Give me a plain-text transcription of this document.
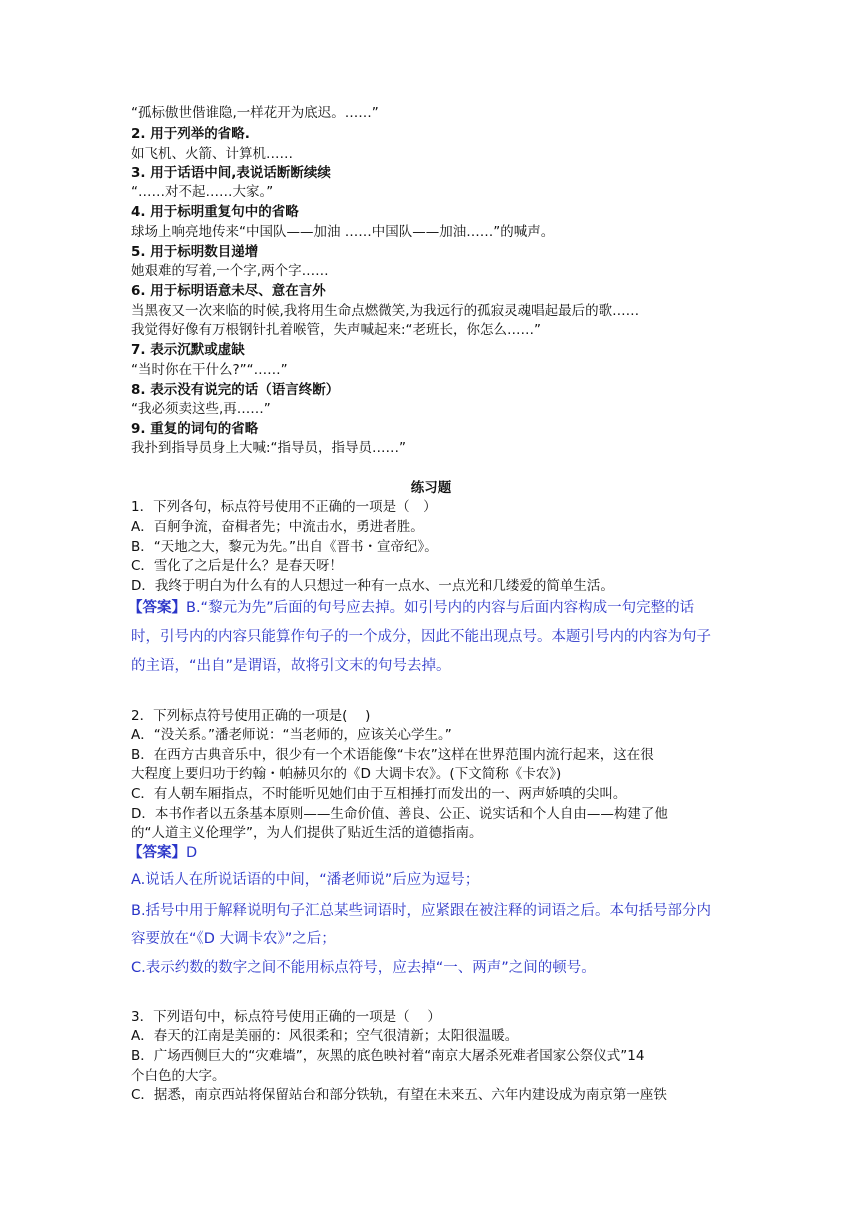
“孤标傲世偕谁隐,一样花开为底迟。……”
2. 用于列举的省略.
如飞机、火箭、计算机……
3. 用于话语中间,表说话断断续续
“……对不起……大家。”
4. 用于标明重复句中的省略
球场上响亮地传来“中国队——加油 ……中国队——加油……”的喊声。
5. 用于标明数目递增
她艰难的写着,一个字,两个字……
6. 用于标明语意未尽、意在言外
当黑夜又一次来临的时候,我将用生命点燃微笑,为我远行的孤寂灵魂唱起最后的歌……
我觉得好像有万根钢针扎着喉管，失声喊起来:“老班长，你怎么……”
7. 表示沉默或虚缺
“当时你在干什么?”“……”
8. 表示没有说完的话（语言终断）
“我必须卖这些,再……”
9. 重复的词句的省略
我扑到指导员身上大喊:“指导员，指导员……”
练习题
1．下列各句，标点符号使用不正确的一项是（　）
A．百舸争流，奋楫者先；中流击水，勇进者胜。
B．“天地之大，黎元为先。”出自《晋书・宣帝纪》。
C．雪化了之后是什么？是春天呀！
D．我终于明白为什么有的人只想过一种有一点水、一点光和几缕爱的简单生活。
【答案】B.“黎元为先”后面的句号应去掉。如引号内的内容与后面内容构成一句完整的话
时，引号内的内容只能算作句子的一个成分，因此不能出现点号。本题引号内的内容为句子
的主语，“出自”是谓语，故将引文末的句号去掉。
2．下列标点符号使用正确的一项是(　 )
A．“没关系。”潘老师说：“当老师的，应该关心学生。”
B．在西方古典音乐中，很少有一个术语能像“卡农”这样在世界范围内流行起来，这在很
大程度上要归功于约翰・帕赫贝尔的《D 大调卡农》。(下文简称《卡农》)
C．有人朝车厢指点，不时能听见她们由于互相捶打而发出的一、两声娇嗔的尖叫。
D．本书作者以五条基本原则——生命价值、善良、公正、说实话和个人自由——构建了他
的“人道主义伦理学”，为人们提供了贴近生活的道德指南。
【答案】D
A.说话人在所说话语的中间，“潘老师说”后应为逗号；
B.括号中用于解释说明句子汇总某些词语时，应紧跟在被注释的词语之后。本句括号部分内
容要放在“《D 大调卡农》”之后；
C.表示约数的数字之间不能用标点符号，应去掉“一、两声”之间的顿号。
3．下列语句中，标点符号使用正确的一项是（　 ）
A．春天的江南是美丽的：风很柔和；空气很清新；太阳很温暖。
B．广场西侧巨大的“灾难墙”，灰黑的底色映衬着“南京大屠杀死难者国家公祭仪式”14
个白色的大字。
C．据悉，南京西站将保留站台和部分铁轨，有望在未来五、六年内建设成为南京第一座铁
